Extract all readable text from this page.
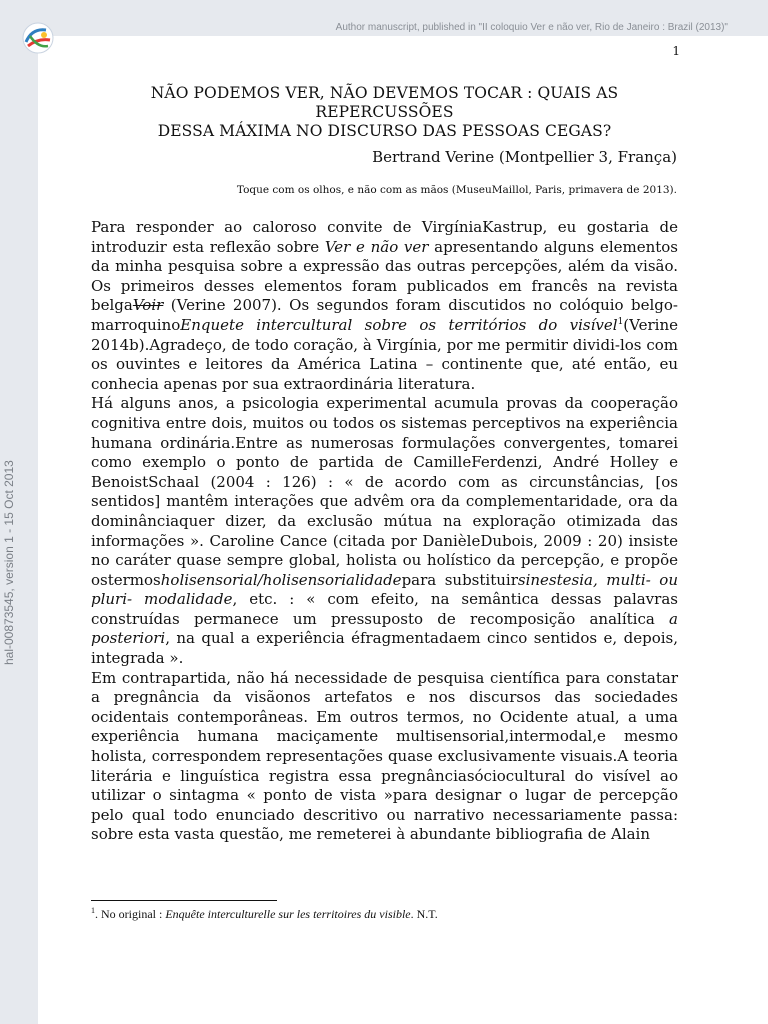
Author manuscript, published in "II coloquio Ver e não ver, Rio de Janeiro : Brazil (2013)"
hal-00873545, version 1 - 15 Oct 2013
1
NÃO PODEMOS VER, NÃO DEVEMOS TOCAR : QUAIS AS REPERCUSSÕES
DESSA MÁXIMA NO DISCURSO DAS PESSOAS CEGAS?
Bertrand Verine (Montpellier 3, França)
Toque com os olhos, e não com as mãos (MuseuMaillol, Paris, primavera de 2013).

Para responder ao caloroso convite de VirgíniaKastrup, eu gostaria de introduzir esta reflexão sobre Ver e não ver apresentando alguns elementos da minha pesquisa sobre a expressão das outras percepções, além da visão. Os primeiros desses elementos foram publicados em francês na revista belgaVoir (Verine 2007). Os segundos foram discutidos no colóquio belgo-marroquinoEnquete intercultural sobre os territórios do visível$^1$(Verine 2014b).Agradeço, de todo coração, à Virgínia, por me permitir dividi-los com os ouvintes e leitores da América Latina – continente que, até então, eu conhecia apenas por sua extraordinária literatura.

Há alguns anos, a psicologia experimental acumula provas da cooperação cognitiva entre dois, muitos ou todos os sistemas perceptivos na experiência humana ordinária.Entre as numerosas formulações convergentes, tomarei como exemplo o ponto de partida de CamilleFerdenzi, André Holley e BenoistSchaal (2004 : 126) : « de acordo com as circunstâncias, [os sentidos] mantêm interações que advêm ora da complementaridade, ora da dominânciaquer dizer, da exclusão mútua na exploração otimizada das informações ». Caroline Cance (citada por DanièleDubois, 2009 : 20) insiste no caráter quase sempre global, holista ou holístico da percepção, e propõe ostermosholisensorial/holisensorialidadepara substituirsinestesia, multi- ou pluri- modalidade, etc. : « com efeito, na semântica dessas palavras construídas permanece um pressuposto de recomposição analítica a posteriori, na qual a experiência éfragmentadaem cinco sentidos e, depois, integrada ».

Em contrapartida, não há necessidade de pesquisa científica para constatar a pregnância da visãonos artefatos e nos discursos das sociedades ocidentais contemporâneas. Em outros termos, no Ocidente atual, a uma experiência humana maciçamente multisensorial,intermodal,e mesmo holista, correspondem representações quase exclusivamente visuais.A teoria literária e linguística registra essa pregnânciasóciocultural do visível ao utilizar o sintagma « ponto de vista »para designar o lugar de percepção pelo qual todo enunciado descritivo ou narrativo necessariamente passa: sobre esta vasta questão, me remeterei à abundante bibliografia de Alain

$^1$. No original : Enquête interculturelle sur les territoires du visible. N.T.
